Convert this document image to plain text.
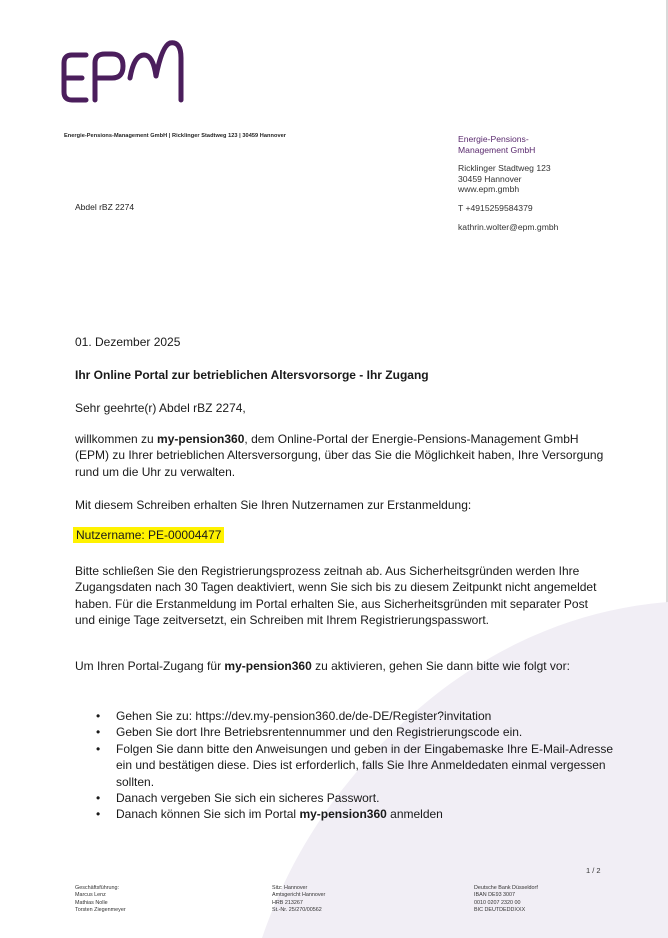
Energie-Pensions-Management GmbH | Ricklinger Stadtweg 123 | 30459 Hannover
Abdel rBZ 2274
Energie-Pensions-
Management GmbH
Ricklinger Stadtweg 123
30459 Hannover
www.epm.gmbh
T +4915259584379
kathrin.wolter@epm.gmbh
01. Dezember 2025
Ihr Online Portal zur betrieblichen Altersvorsorge - Ihr Zugang
Sehr geehrte(r) Abdel rBZ 2274,
willkommen zu my-pension360, dem Online-Portal der Energie-Pensions-Management GmbH (EPM) zu Ihrer betrieblichen Altersversorgung, über das Sie die Möglichkeit haben, Ihre Versorgung rund um die Uhr zu verwalten.
Mit diesem Schreiben erhalten Sie Ihren Nutzernamen zur Erstanmeldung:
Nutzername: PE-00004477
Bitte schließen Sie den Registrierungsprozess zeitnah ab. Aus Sicherheitsgründen werden Ihre Zugangsdaten nach 30 Tagen deaktiviert, wenn Sie sich bis zu diesem Zeitpunkt nicht angemeldet haben. Für die Erstanmeldung im Portal erhalten Sie, aus Sicherheitsgründen mit separater Post und einige Tage zeitversetzt, ein Schreiben mit Ihrem Registrierungspasswort.
Um Ihren Portal-Zugang für my-pension360 zu aktivieren, gehen Sie dann bitte wie folgt vor:
• Gehen Sie zu: https://dev.my-pension360.de/de-DE/Register?invitation
• Geben Sie dort Ihre Betriebsrentennummer und den Registrierungscode ein.
• Folgen Sie dann bitte den Anweisungen und geben in der Eingabemaske Ihre E-Mail-Adresse ein und bestätigen diese. Dies ist erforderlich, falls Sie Ihre Anmeldedaten einmal vergessen sollten.
• Danach vergeben Sie sich ein sicheres Passwort.
• Danach können Sie sich im Portal my-pension360 anmelden
1 / 2
Geschäftsführung:
Marcus Lenz
Mathias Nolle
Torsten Ziegenmeyer
Sitz: Hannover
Amtsgericht Hannover
HRB 213267
St.-Nr. 25/270/00562
Deutsche Bank Düsseldorf
IBAN DE93 3007
0010 0207 2320 00
BIC DEUTDEDDXXX
